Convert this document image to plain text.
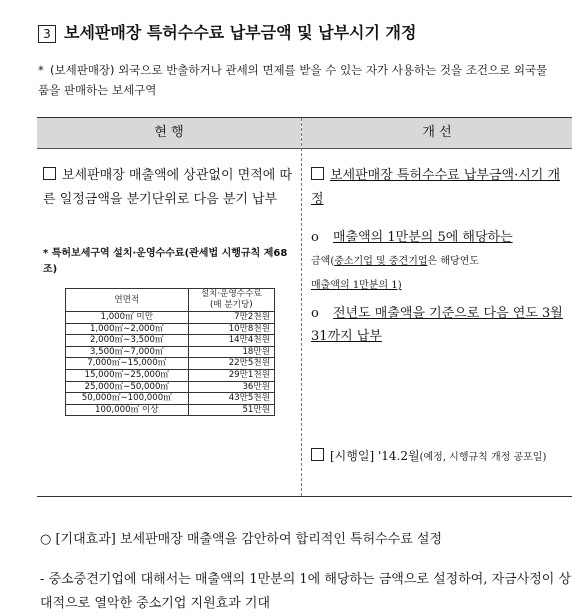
3 보세판매장 특허수수료 납부금액 및 납부시기 개정
* (보세판매장) 외국으로 반출하거나 관세의 면제를 받을 수 있는 자가 사용하는 것을 조건으로 외국물품을 판매하는 보세구역
현 행	개 선
보세판매장 매출액에 상관없이 면적에 따른 일정금액을 분기단위로 다음 분기 납부
* 특허보세구역 설치·운영수수료(관세법 시행규칙 제68조)
연면적	설치·운영수수료
(매 분기당)
1,000㎡ 미만	7만2천원
1,000㎡∼2,000㎡	10만8천원
2,000㎡∼3,500㎡	14만4천원
3,500㎡∼7,000㎡	18만원
7,000㎡∼15,000㎡	22만5천원
15,000㎡∼25,000㎡	29만1천원
25,000㎡∼50,000㎡	36만원
50,000㎡∼100,000㎡	43만5천원
100,000㎡ 이상	51만원
보세판매장 특허수수료 납부금액·시기 개정
o 매출액의 1만분의 5에 해당하는
금액(중소기업 및 중견기업은 해당연도
매출액의 1만분의 1)
o 전년도 매출액을 기준으로 다음 연도 3월 31까지 납부
[시행일] '14.2월(예정, 시행규칙 개정 공포일)
○ [기대효과] 보세판매장 매출액을 감안하여 합리적인 특허수수료 설정
- 중소중견기업에 대해서는 매출액의 1만분의 1에 해당하는 금액으로 설정하여, 자금사정이 상대적으로 열악한 중소기업 지원효과 기대
